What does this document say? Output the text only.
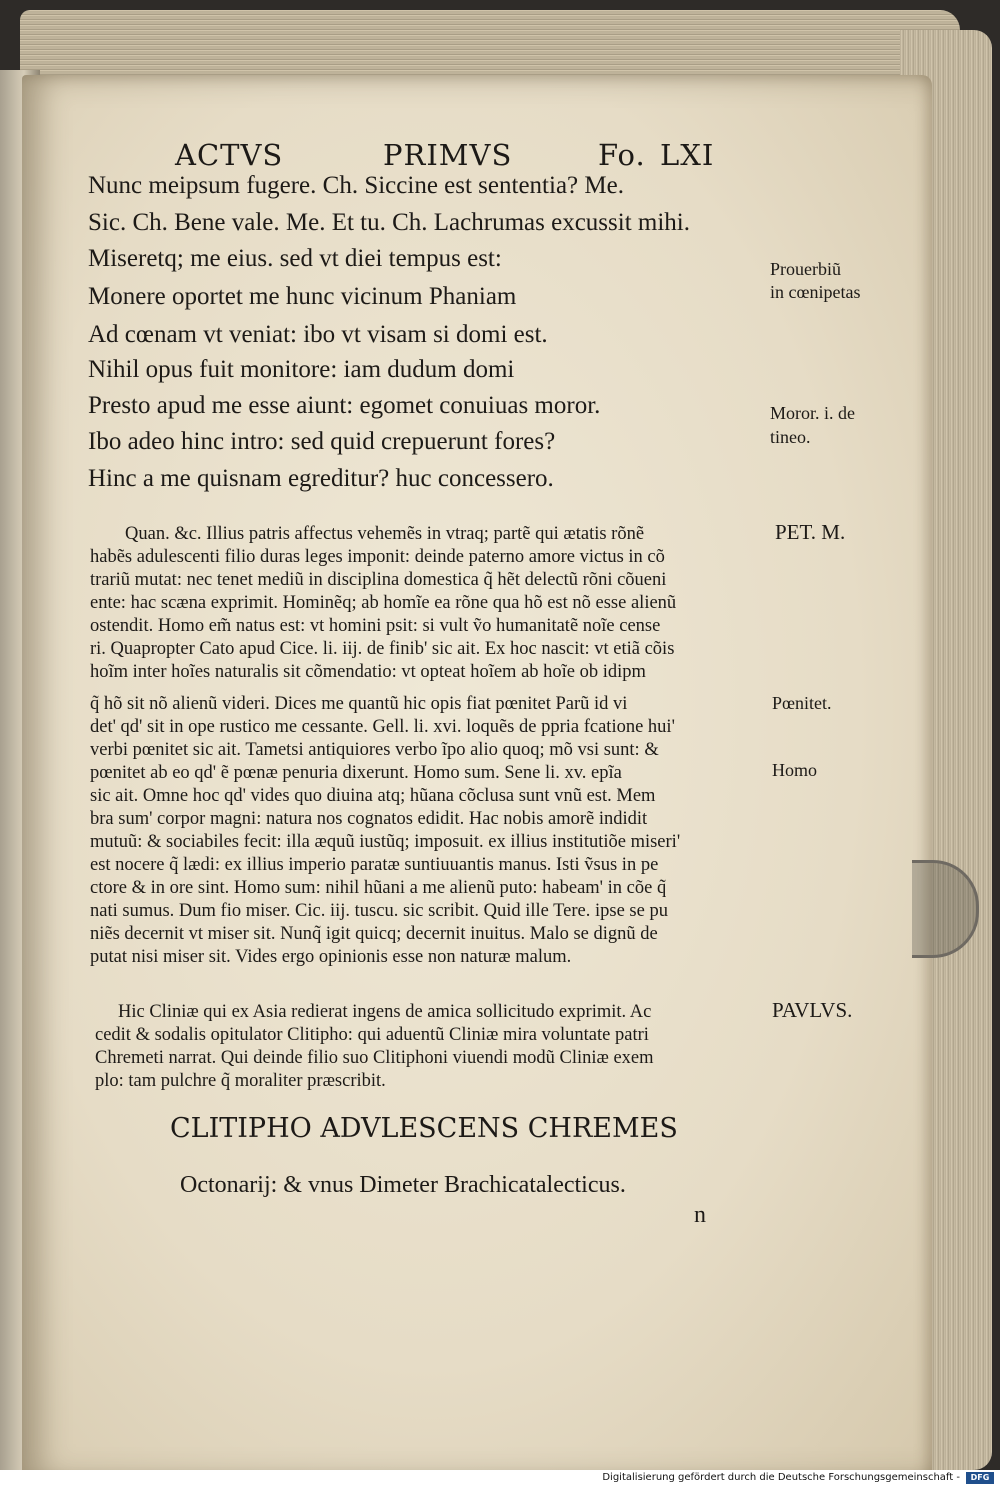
ACTVS	PRIMVS	Fo. LXI
Nunc meipsum fugere. Ch. Siccine est sententia? Me.
Sic. Ch. Bene vale. Me. Et tu. Ch. Lachrumas excussit mihi.
Miseretq; me eius. sed vt diei tempus est:
Monere oportet me hunc vicinum Phaniam
Ad cœnam vt veniat: ibo vt visam si domi est.
Nihil opus fuit monitore: iam dudum domi
Presto apud me esse aiunt: egomet conuiuas moror.
Ibo adeo hinc intro: sed quid crepuerunt fores?
Hinc a me quisnam egreditur? huc concessero.
Prouerbiũ
in cœnipetas
Moror. i. de
tineo.
Quan. &c. Illius patris affectus vehemẽs in vtraq; partẽ qui ætatis rõnẽ
habẽs adulescenti filio duras leges imponit: deinde paterno amore victus in cõ
trariũ mutat: nec tenet mediũ in disciplina domestica q̃ hẽt delectũ rõni cõueni
ente: hac scæna exprimit. Hominẽq; ab homĩe ea rõne qua hõ est nõ esse alienũ
ostendit. Homo em̃ natus est: vt homini psit: si vult ṽo humanitatẽ noĩe cense
ri. Quapropter Cato apud Cice. li. iij. de finib' sic ait. Ex hoc nascit: vt etiã cõis
hoĩm inter hoĩes naturalis sit cõmendatio: vt opteat hoĩem ab hoĩe ob idipm
q̃ hõ sit nõ alienũ videri. Dices me quantũ hic opis fiat pœnitet Parũ id vi
det' qd' sit in ope rustico me cessante. Gell. li. xvi. loquẽs de ppria fcatione hui'
verbi pœnitet sic ait. Tametsi antiquiores verbo ĩpo alio quoq; mõ vsi sunt: &
pœnitet ab eo qd' ẽ pœnæ penuria dixerunt. Homo sum. Sene li. xv. epĩa
sic ait. Omne hoc qd' vides quo diuina atq; hũana cõclusa sunt vnũ est. Mem
bra sum' corpor magni: natura nos cognatos edidit. Hac nobis amorẽ indidit
mutuũ: & sociabiles fecit: illa æquũ iustũq; imposuit. ex illius institutiõe miseri'
est nocere q̃ lædi: ex illius imperio paratæ suntiuuantis manus. Isti ṽsus in pe
ctore & in ore sint. Homo sum: nihil hũani a me alienũ puto: habeam' in cõe q̃
nati sumus. Dum fio miser. Cic. iij. tuscu. sic scribit. Quid ille Tere. ipse se pu
niẽs decernit vt miser sit. Nunq̃ igit quicq; decernit inuitus. Malo se dignũ de
putat nisi miser sit. Vides ergo opinionis esse non naturæ malum.
PET. M.
Pœnitet.
Homo
Hic Cliniæ qui ex Asia redierat ingens de amica sollicitudo exprimit. Ac
cedit & sodalis opitulator Clitipho: qui aduentũ Cliniæ mira voluntate patri
Chremeti narrat. Qui deinde filio suo Clitiphoni viuendi modũ Cliniæ exem
plo: tam pulchre q̃ moraliter præscribit.
PAVLVS.
CLITIPHO ADVLESCENS CHREMES
Octonarij: & vnus Dimeter Brachicatalecticus.
n
Digitalisierung gefördert durch die Deutsche Forschungsgemeinschaft -	DFG
